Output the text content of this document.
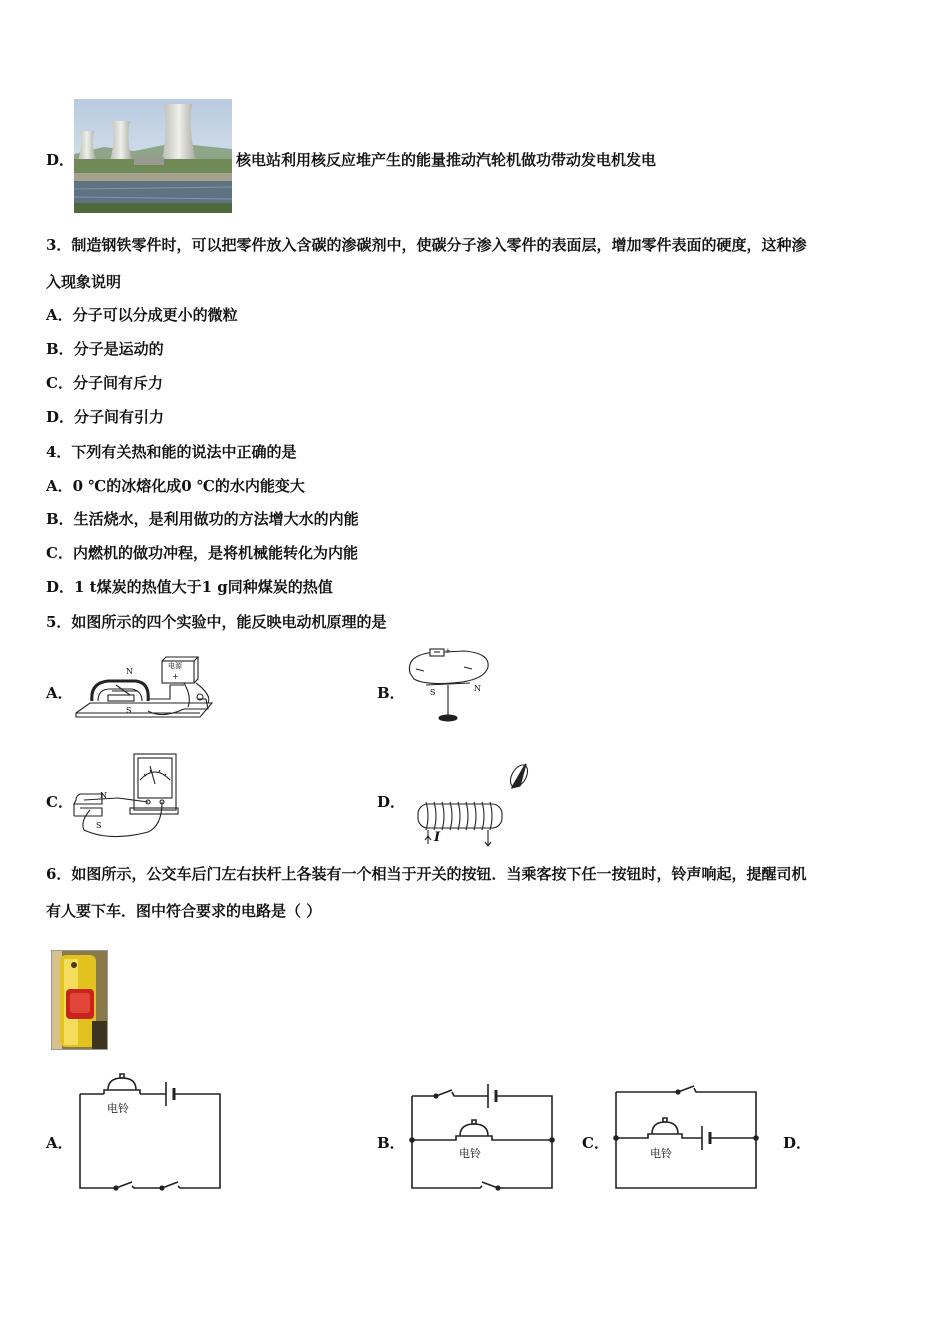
D．	核电站利用核反应堆产生的能量推动汽轮机做功带动发电机发电
3．制造钢铁零件时，可以把零件放入含碳的渗碳剂中，使碳分子渗入零件的表面层，增加零件表面的硬度，这种渗
入现象说明
A．分子可以分成更小的微粒
B．分子是运动的
C．分子间有斥力
D．分子间有引力
4．下列有关热和能的说法中正确的是
A．0 ℃的冰熔化成0 ℃的水内能变大
B．生活烧水，是利用做功的方法增大水的内能
C．内燃机的做功冲程，是将机械能转化为内能
D．1 t煤炭的热值大于1 g同种煤炭的热值
5．如图所示的四个实验中，能反映电动机原理的是
A．
N
S
电源
+
B．	S	N
+
C．	N
S
D．
I
6．如图所示，公交车后门左右扶杆上各装有一个相当于开关的按钮．当乘客按下任一按钮时，铃声响起，提醒司机
有人要下车．图中符合要求的电路是（ ）
A．
电铃
B．
电铃
C．
电铃
D．
